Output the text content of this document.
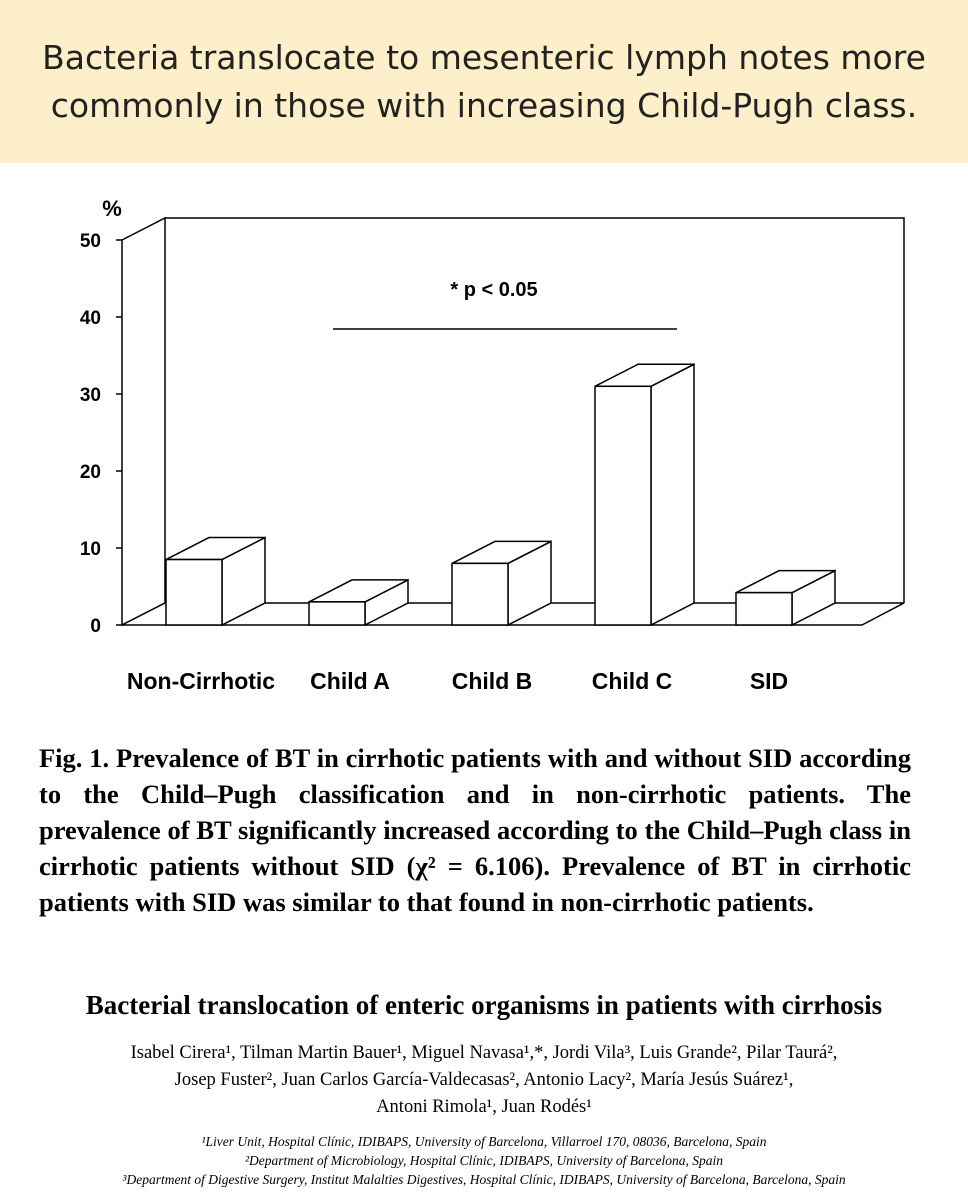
Bacteria translocate to mesenteric lymph notes more commonly in those with increasing Child-Pugh class.
0
10
20
30
40
50
%
Non-Cirrhotic Child A	Child B	Child C	SID
* p < 0.05
Fig. 1. Prevalence of BT in cirrhotic patients with and without SID according to the Child–Pugh classification and in non-cirrhotic patients. The prevalence of BT significantly increased according to the Child–Pugh class in cirrhotic patients without SID (χ² = 6.106). Prevalence of BT in cirrhotic patients with SID was similar to that found in non-cirrhotic patients.
Bacterial translocation of enteric organisms in patients with cirrhosis
Isabel Cirera¹, Tilman Martin Bauer¹, Miguel Navasa¹,*, Jordi Vila³, Luis Grande², Pilar Taurá²,
Josep Fuster², Juan Carlos García-Valdecasas², Antonio Lacy², María Jesús Suárez¹,
Antoni Rimola¹, Juan Rodés¹
¹Liver Unit, Hospital Clínic, IDIBAPS, University of Barcelona, Villarroel 170, 08036, Barcelona, Spain
²Department of Microbiology, Hospital Clínic, IDIBAPS, University of Barcelona, Spain
³Department of Digestive Surgery, Institut Malalties Digestives, Hospital Clínic, IDIBAPS, University of Barcelona, Barcelona, Spain
